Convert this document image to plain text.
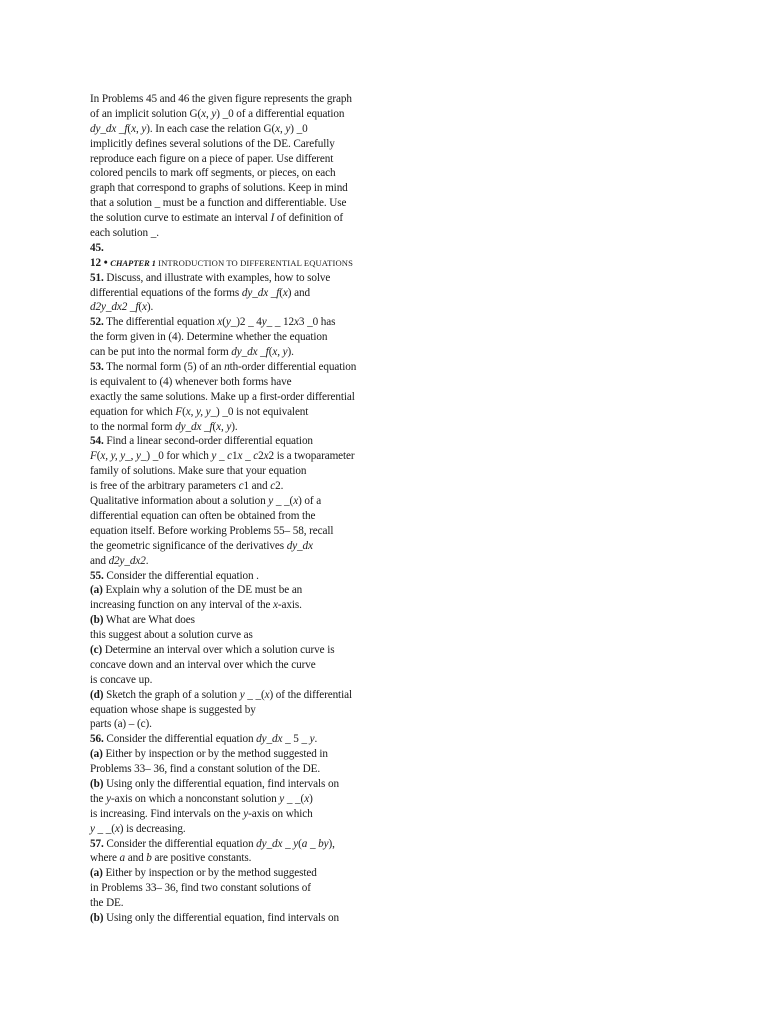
In Problems 45 and 46 the given figure represents the graph
of an implicit solution G(x, y) _0 of a differential equation
dy_dx _f(x, y). In each case the relation G(x, y) _0
implicitly defines several solutions of the DE. Carefully
reproduce each figure on a piece of paper. Use different
colored pencils to mark off segments, or pieces, on each
graph that correspond to graphs of solutions. Keep in mind
that a solution _ must be a function and differentiable. Use
the solution curve to estimate an interval I of definition of
each solution _.
45.
12 • CHAPTER 1 INTRODUCTION TO DIFFERENTIAL EQUATIONS
51. Discuss, and illustrate with examples, how to solve
differential equations of the forms dy_dx _f(x) and
d2y_dx2 _f(x).
52. The differential equation x(y_)2 _ 4y_ _ 12x3 _0 has
the form given in (4). Determine whether the equation
can be put into the normal form dy_dx _f(x, y).
53. The normal form (5) of an nth-order differential equation
is equivalent to (4) whenever both forms have
exactly the same solutions. Make up a first-order differential
equation for which F(x, y, y_) _0 is not equivalent
to the normal form dy_dx _f(x, y).
54. Find a linear second-order differential equation
F(x, y, y_, y_) _0 for which y _ c1x _ c2x2 is a twoparameter
family of solutions. Make sure that your equation
is free of the arbitrary parameters c1 and c2.
Qualitative information about a solution y _ _(x) of a
differential equation can often be obtained from the
equation itself. Before working Problems 55– 58, recall
the geometric significance of the derivatives dy_dx
and d2y_dx2.
55. Consider the differential equation .
(a) Explain why a solution of the DE must be an
increasing function on any interval of the x-axis.
(b) What are What does
this suggest about a solution curve as
(c) Determine an interval over which a solution curve is
concave down and an interval over which the curve
is concave up.
(d) Sketch the graph of a solution y _ _(x) of the differential
equation whose shape is suggested by
parts (a) – (c).
56. Consider the differential equation dy_dx _ 5 _ y.
(a) Either by inspection or by the method suggested in
Problems 33– 36, find a constant solution of the DE.
(b) Using only the differential equation, find intervals on
the y-axis on which a nonconstant solution y _ _(x)
is increasing. Find intervals on the y-axis on which
y _ _(x) is decreasing.
57. Consider the differential equation dy_dx _ y(a _ by),
where a and b are positive constants.
(a) Either by inspection or by the method suggested
in Problems 33– 36, find two constant solutions of
the DE.
(b) Using only the differential equation, find intervals on
